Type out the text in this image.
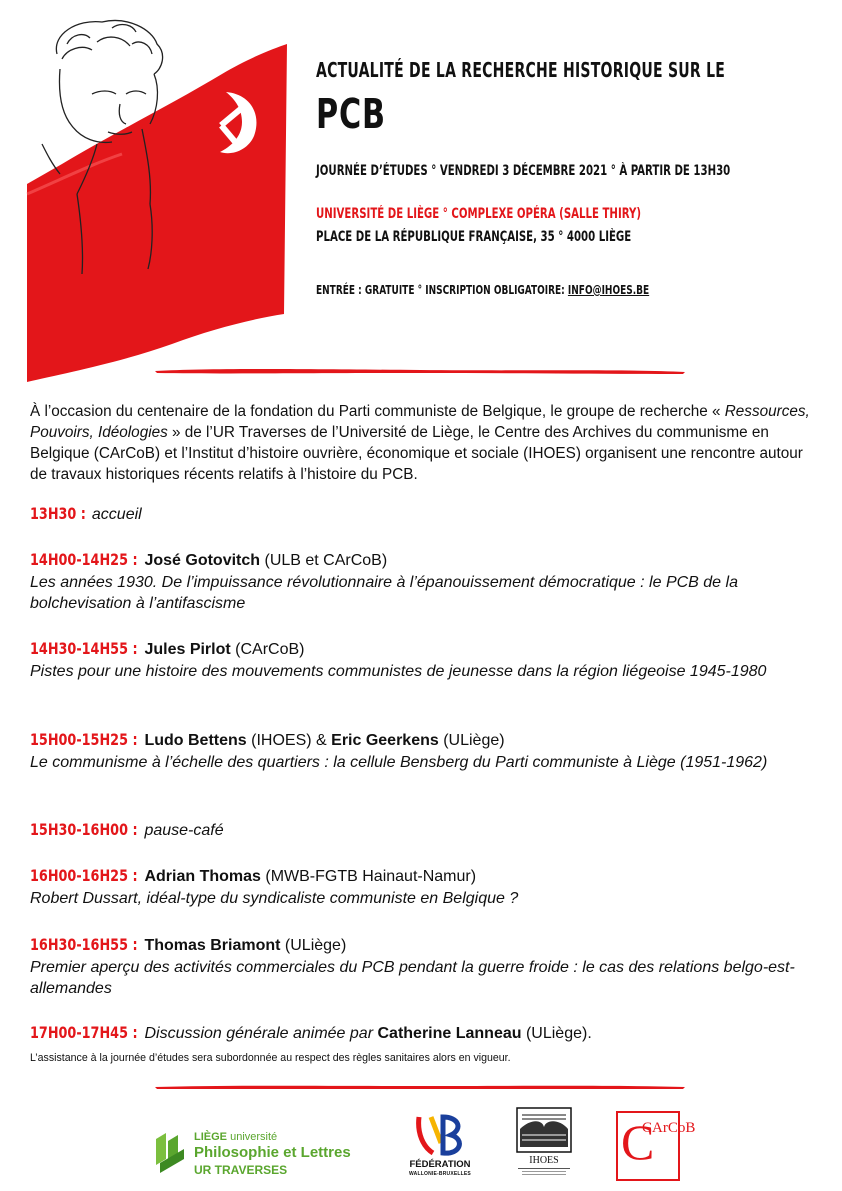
ACTUALITÉ DE LA RECHERCHE HISTORIQUE SUR LE
PCB
JOURNÉE D’ÉTUDES ° VENDREDI 3 DÉCEMBRE 2021 ° À PARTIR DE 13H30
UNIVERSITÉ DE LIÈGE ° COMPLEXE OPÉRA (SALLE THIRY)
PLACE DE LA RÉPUBLIQUE FRANÇAISE, 35 ° 4000 LIÈGE
ENTRÉE : GRATUITE ° INSCRIPTION OBLIGATOIRE: INFO@IHOES.BE
À l’occasion du centenaire de la fondation du Parti communiste de Belgique, le groupe de recherche « Ressources, Pouvoirs, Idéologies » de l’UR Traverses de l’Université de Liège, le Centre des Archives du communisme en Belgique (CArCoB) et l’Institut d’histoire ouvrière, économique et sociale (IHOES) organisent une rencontre autour de travaux historiques récents relatifs à l’histoire du PCB.
13H30 : accueil
14H00-14H25 : José Gotovitch (ULB et CArCoB)
Les années 1930. De l’impuissance révolutionnaire à l’épanouissement démocratique : le PCB de la bolchevisation à l’antifascisme
14H30-14H55 : Jules Pirlot (CArCoB)
Pistes pour une histoire des mouvements communistes de jeunesse dans la région liégeoise 1945-1980
15H00-15H25 : Ludo Bettens (IHOES) & Eric Geerkens (ULiège)
Le communisme à l’échelle des quartiers : la cellule Bensberg du Parti communiste à Liège (1951-1962)
15H30-16H00 : pause-café
16H00-16H25 : Adrian Thomas (MWB-FGTB Hainaut-Namur)
Robert Dussart, idéal-type du syndicaliste communiste en Belgique ?
16H30-16H55 : Thomas Briamont (ULiège)
Premier aperçu des activités commerciales du PCB pendant la guerre froide : le cas des relations belgo-est-allemandes
17H00-17H45 : Discussion générale animée par Catherine Lanneau (ULiège).
L’assistance à la journée d’études sera subordonnée au respect des règles sanitaires alors en vigueur.
LIÈGE université
Philosophie et Lettres
UR TRAVERSES	FÉDÉRATION
WALLONIE-BRUXELLES
IHOES	C
CArCoB
